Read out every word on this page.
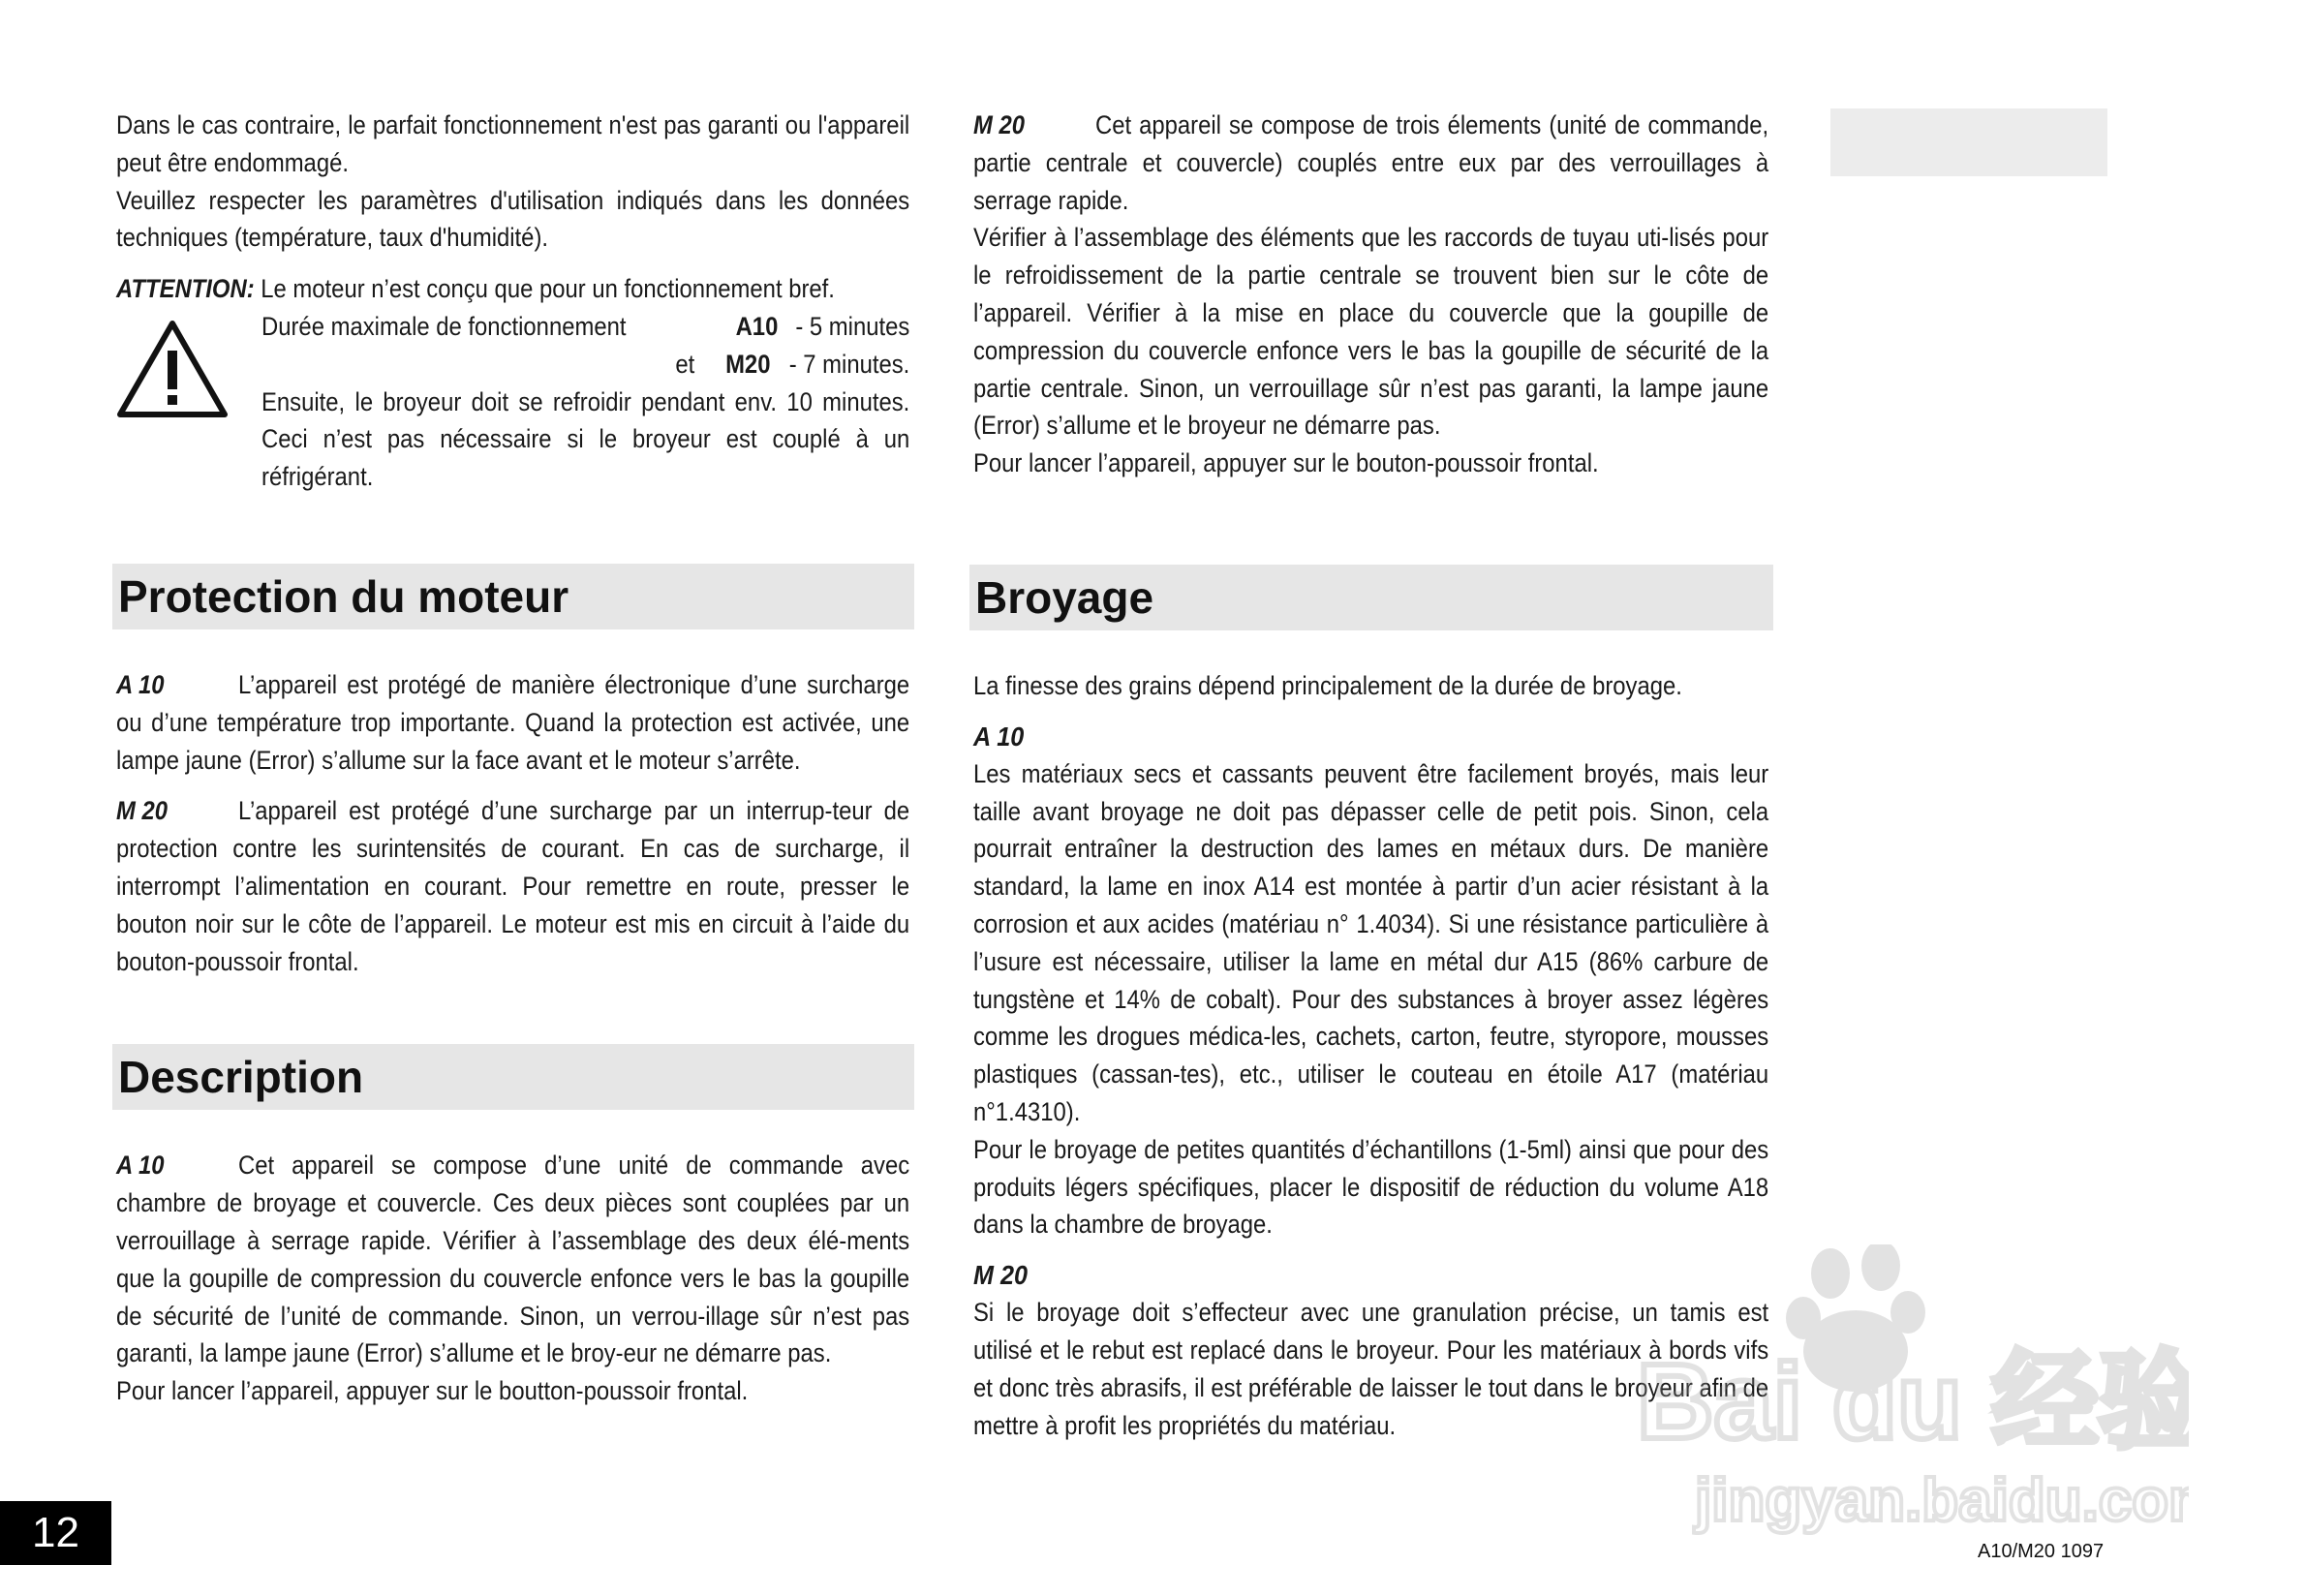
Dans le cas contraire, le parfait fonctionnement n'est pas garanti ou l'appareil peut être endommagé.

Veuillez respecter les paramètres d'utilisation indiqués dans les données techniques (température, taux d'humidité).

ATTENTION: Le moteur n’est conçu que pour un fonctionnement bref.

Durée maximale de fonctionnement	A10 - 5 minutes
et M20 - 7 minutes.

Ensuite, le broyeur doit se refroidir pendant env. 10 minutes. Ceci n’est pas nécessaire si le broyeur est couplé à un réfrigérant.

Protection du moteur

A 10	L’appareil est protégé de manière électronique d’une surcharge ou d’une température trop importante. Quand la protection est activée, une lampe jaune (Error) s’allume sur la face avant et le moteur s’arrête.

M 20	L’appareil est protégé d’une surcharge par un interrup-teur de protection contre les surintensités de courant. En cas de surcharge, il interrompt l’alimentation en courant. Pour remettre en route, presser le bouton noir sur le côte de l’appareil. Le moteur est mis en circuit à l’aide du bouton-poussoir frontal.

Description

A 10	Cet appareil se compose d’une unité de commande avec chambre de broyage et couvercle. Ces deux pièces sont couplées par un verrouillage à serrage rapide. Vérifier à l’assemblage des deux élé-ments que la goupille de compression du couvercle enfonce vers le bas la goupille de sécurité de l’unité de commande. Sinon, un verrou-illage sûr n’est pas garanti, la lampe jaune (Error) s’allume et le broy-eur ne démarre pas.

Pour lancer l’appareil, appuyer sur le boutton-poussoir frontal.

M 20	Cet appareil se compose de trois élements (unité de commande, partie centrale et couvercle) couplés entre eux par des verrouillages à serrage rapide.

Vérifier à l’assemblage des éléments que les raccords de tuyau uti-lisés pour le refroidissement de la partie centrale se trouvent bien sur le côte de l’appareil. Vérifier à la mise en place du couvercle que la goupille de compression du couvercle enfonce vers le bas la goupille de sécurité de la partie centrale. Sinon, un verrouillage sûr n’est pas garanti, la lampe jaune (Error) s’allume et le broyeur ne démarre pas.

Pour lancer l’appareil, appuyer sur le bouton-poussoir frontal.

Broyage

La finesse des grains dépend principalement de la durée de broyage.

A 10

Les matériaux secs et cassants peuvent être facilement broyés, mais leur taille avant broyage ne doit pas dépasser celle de petit pois. Sinon, cela pourrait entraîner la destruction des lames en métaux durs. De manière standard, la lame en inox A14 est montée à partir d’un acier résistant à la corrosion et aux acides (matériau n° 1.4034). Si une résistance particulière à l’usure est nécessaire, utiliser la lame en métal dur A15 (86% carbure de tungstène et 14% de cobalt). Pour des substances à broyer assez légères comme les drogues médica-les, cachets, carton, feutre, styropore, mousses plastiques (cassan-tes), etc., utiliser le couteau en étoile A17 (matériau n°1.4310).

Pour le broyage de petites quantités d’échantillons (1-5ml) ainsi que pour des produits légers spécifiques, placer le dispositif de réduction du volume A18 dans la chambre de broyage.

M 20

Si le broyage doit s’effecteur avec une granulation précise, un tamis est utilisé et le rebut est replacé dans le broyeur. Pour les matériaux à bords vifs et donc très abrasifs, il est préférable de laisser le tout dans le broyeur afin de mettre à profit les propriétés du matériau.	Bai du 经验
jingyan.baidu.com
12	A10/M20 1097
